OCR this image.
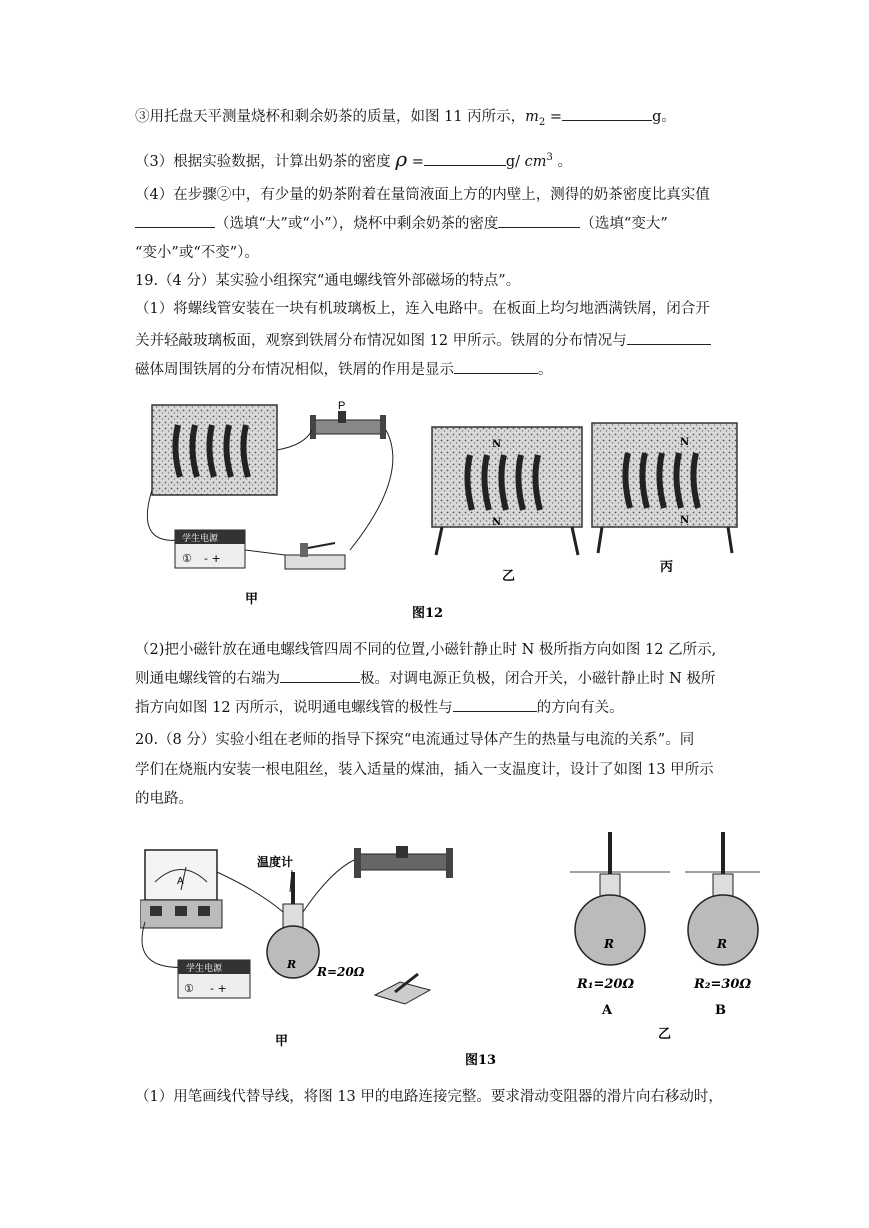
③用托盘天平测量烧杯和剩余奶茶的质量，如图 11 丙所示，$m_2$ =	g。
（3）根据实验数据，计算出奶茶的密度 ρ =	g/ $cm^3$ 。
（4）在步骤②中，有少量的奶茶附着在量筒液面上方的内壁上，测得的奶茶密度比真实值
（选填“大”或“小”），烧杯中剩余奶茶的密度	（选填“变大”
“变小”或“不变”）。
19.（4 分）某实验小组探究“通电螺线管外部磁场的特点”。
（1）将螺线管安装在一块有机玻璃板上，连入电路中。在板面上均匀地洒满铁屑，闭合开
关并轻敲玻璃板面，观察到铁屑分布情况如图 12 甲所示。铁屑的分布情况与
磁体周围铁屑的分布情况相似，铁屑的作用是显示	。
P
学生电源
① - +
甲
N
N
乙
N
N
丙
图12
（2)把小磁针放在通电螺线管四周不同的位置,小磁针静止时 N 极所指方向如图 12 乙所示,
则通电螺线管的右端为	极。对调电源正负极，闭合开关，小磁针静止时 N 极所
指方向如图 12 丙所示，说明通电螺线管的极性与	的方向有关。
20.（8 分）实验小组在老师的指导下探究“电流通过导体产生的热量与电流的关系”。同
学们在烧瓶内安装一根电阻丝，装入适量的煤油，插入一支温度计，设计了如图 13 甲所示
的电路。
A
温度计
R
R=20Ω
学生电源
① - +
甲
R	R
R₁=20Ω	R₂=30Ω
A	B
乙
图13
（1）用笔画线代替导线，将图 13 甲的电路连接完整。要求滑动变阻器的滑片向右移动时，
